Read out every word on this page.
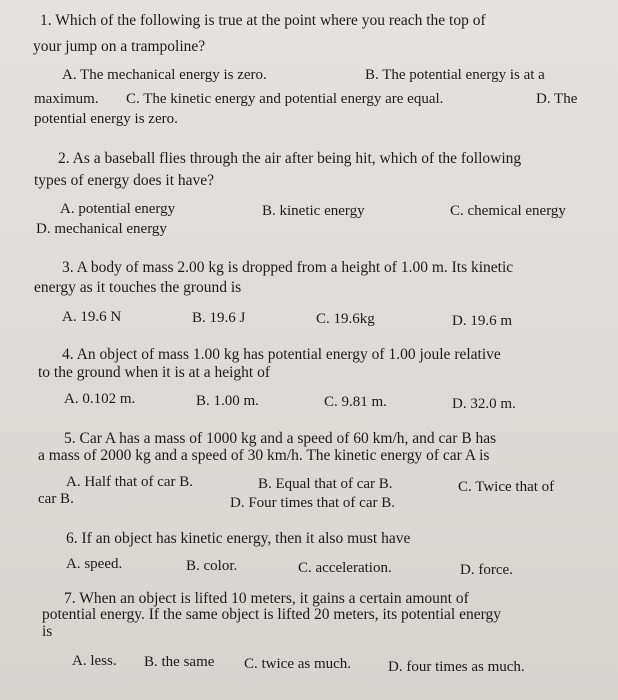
1. Which of the following is true at the point where you reach the top of
your jump on a trampoline?
A. The mechanical energy is zero.	B. The potential energy is at a
maximum. C. The kinetic energy and potential energy are equal.	D. The
potential energy is zero.
2. As a baseball flies through the air after being hit, which of the following
types of energy does it have?
A. potential energy	B. kinetic energy	C. chemical energy
D. mechanical energy
3. A body of mass 2.00 kg is dropped from a height of 1.00 m. Its kinetic
energy as it touches the ground is
A. 19.6 N	B. 19.6 J	C. 19.6kg	D. 19.6 m
4. An object of mass 1.00 kg has potential energy of 1.00 joule relative
to the ground when it is at a height of
A. 0.102 m.	B. 1.00 m.	C. 9.81 m.	D. 32.0 m.
5. Car A has a mass of 1000 kg and a speed of 60 km/h, and car B has
a mass of 2000 kg and a speed of 30 km/h. The kinetic energy of car A is
A. Half that of car B.	B. Equal that of car B.	C. Twice that of
car B.	D. Four times that of car B.
6. If an object has kinetic energy, then it also must have
A. speed.	B. color.	C. acceleration.	D. force.
7. When an object is lifted 10 meters, it gains a certain amount of
potential energy. If the same object is lifted 20 meters, its potential energy
is
A. less. B. the same C. twice as much. D. four times as much.
